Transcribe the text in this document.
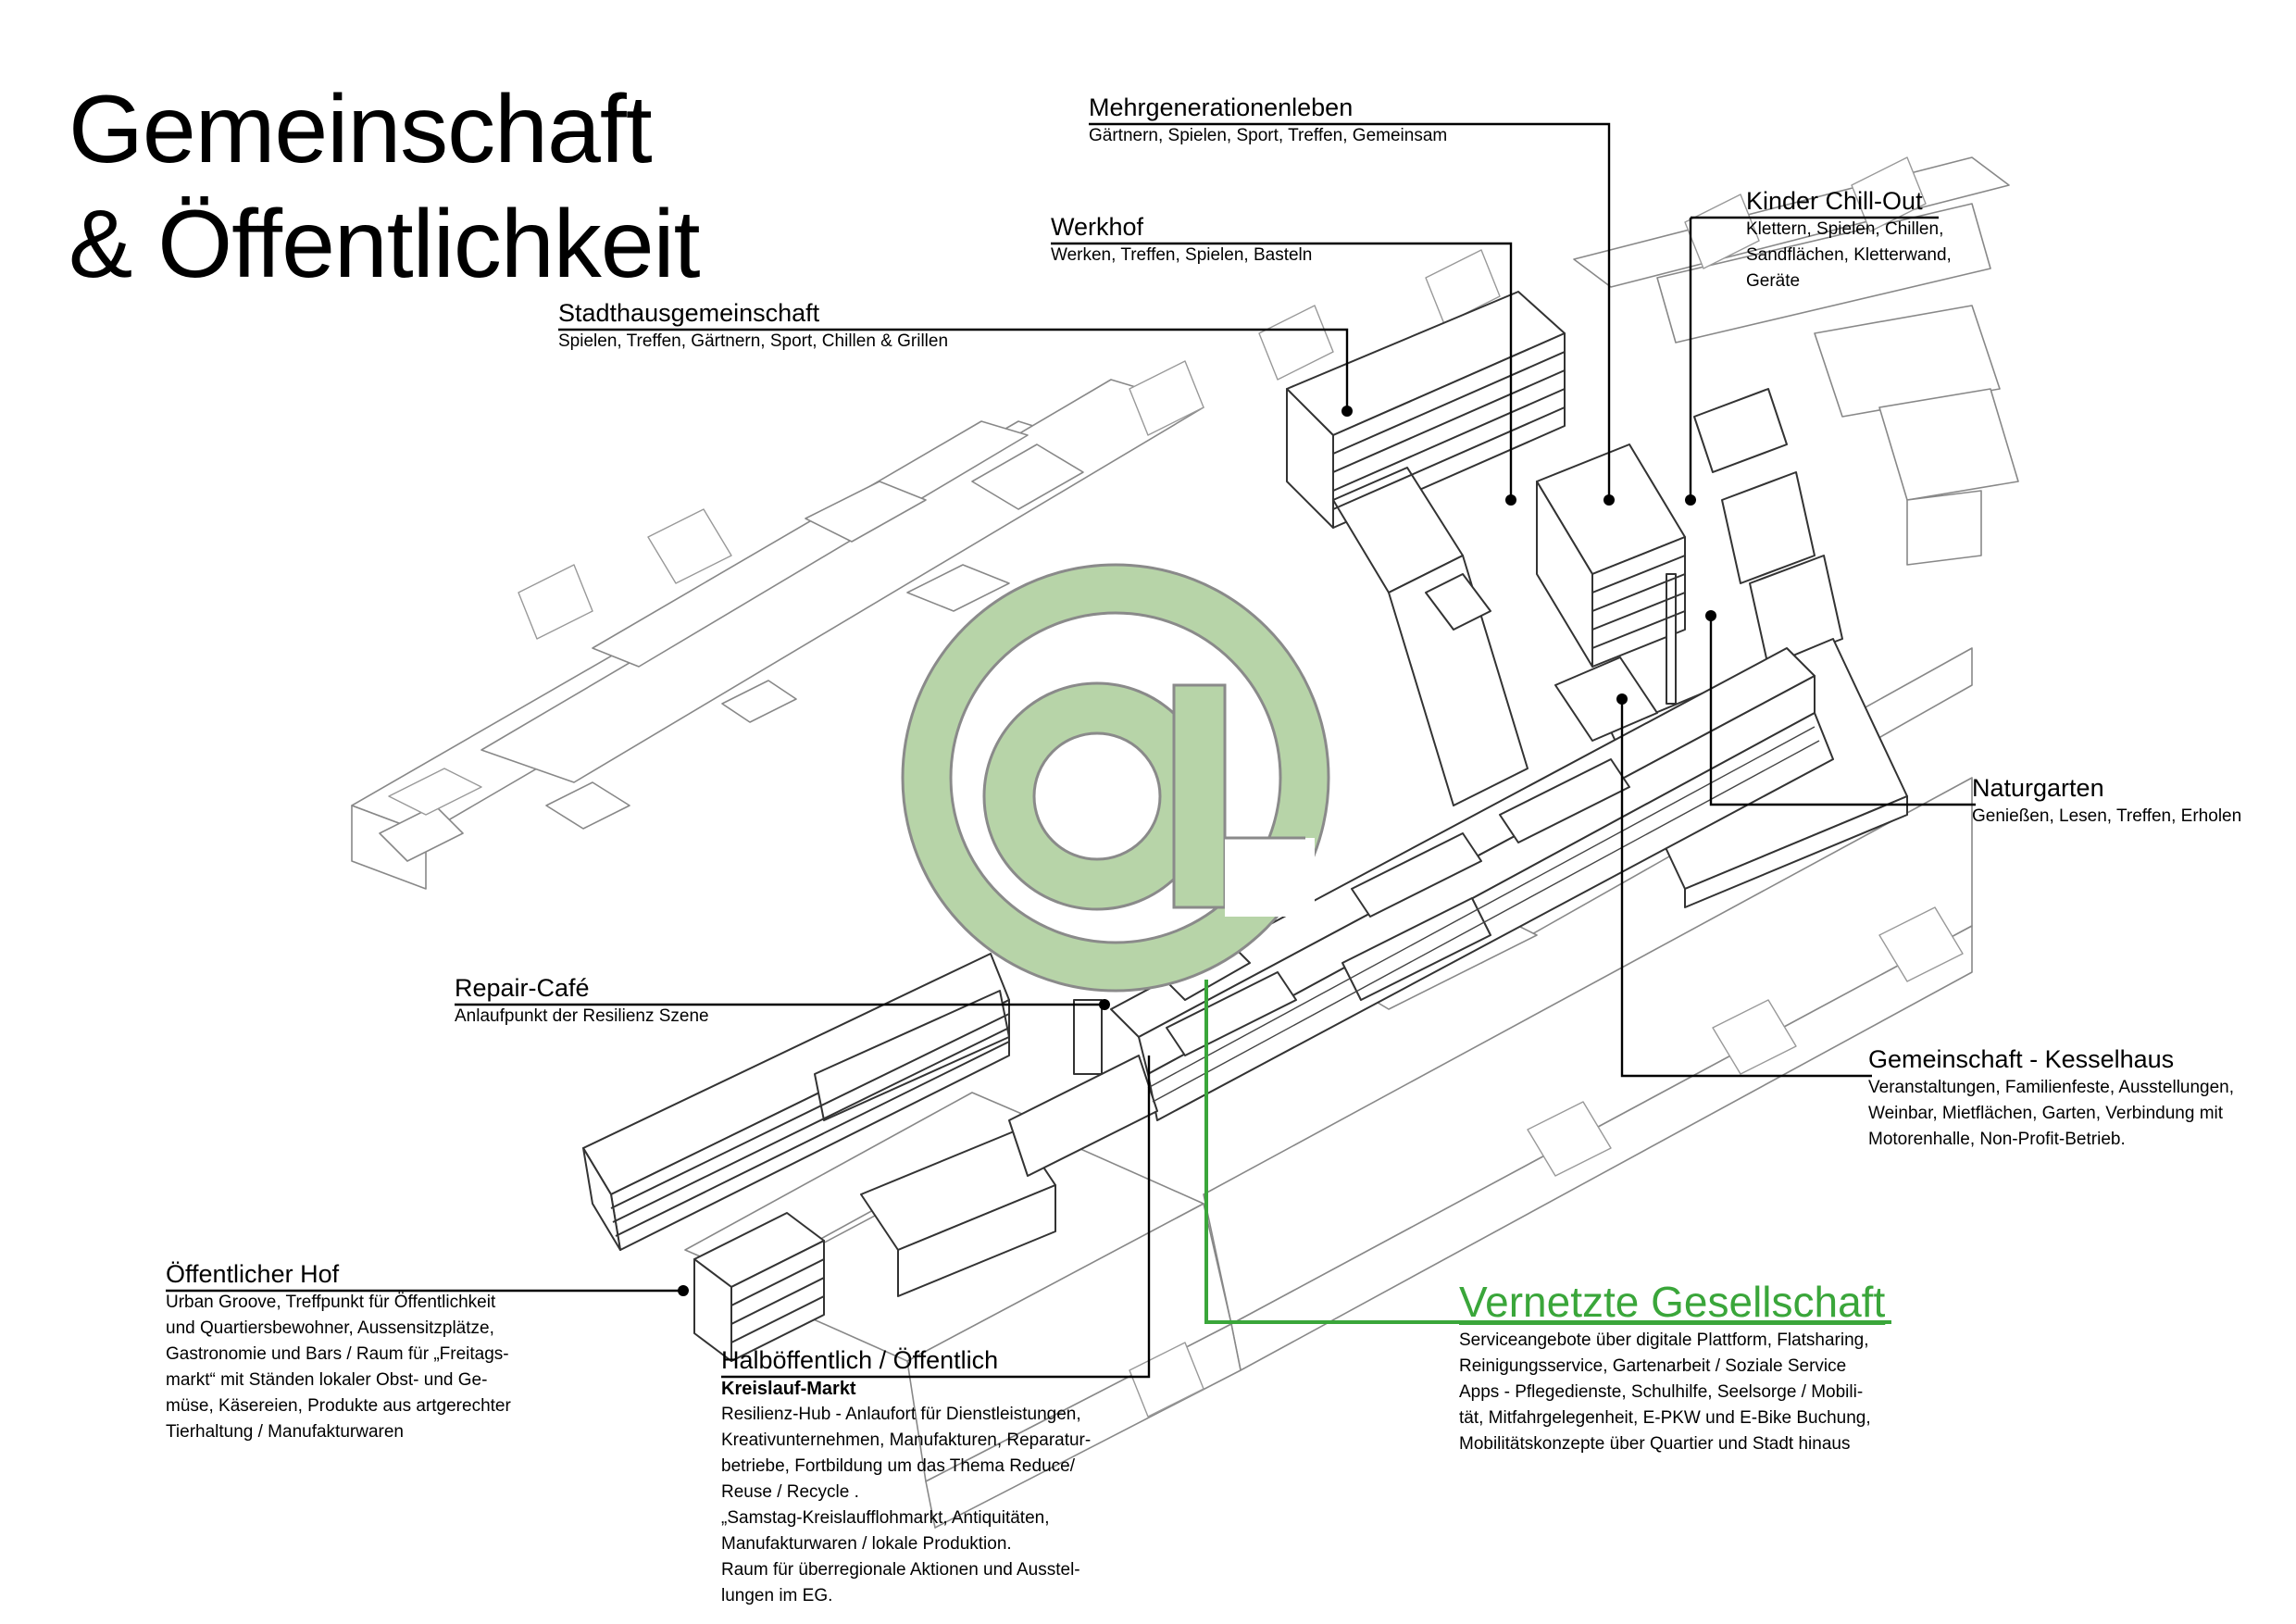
Gemeinschaft
& Öffentlichkeit
Mehrgenerationenleben
Gärtnern, Spielen, Sport, Treffen, Gemeinsam
Werkhof
Werken, Treffen, Spielen, Basteln
Stadthausgemeinschaft
Spielen, Treffen, Gärtnern, Sport, Chillen & Grillen
Kinder Chill-Out
Klettern, Spielen, Chillen,
Sandflächen, Kletterwand,
Geräte
Naturgarten
Genießen, Lesen, Treffen, Erholen
Repair-Café
Anlaufpunkt der Resilienz Szene
Gemeinschaft - Kesselhaus
Veranstaltungen, Familienfeste, Ausstellungen,
Weinbar, Mietflächen, Garten, Verbindung mit
Motorenhalle, Non-Profit-Betrieb.
Öffentlicher Hof
Urban Groove, Treffpunkt für Öffentlichkeit
und Quartiersbewohner, Aussensitzplätze,
Gastronomie und Bars / Raum für „Freitags-
markt“ mit Ständen lokaler Obst- und Ge-
müse, Käsereien, Produkte aus artgerechter
Tierhaltung / Manufakturwaren
Halböffentlich / Öffentlich
Kreislauf-Markt
Resilienz-Hub - Anlaufort für Dienstleistungen,
Kreativunternehmen, Manufakturen, Reparatur-
betriebe, Fortbildung um das Thema Reduce/
Reuse / Recycle .
„Samstag-Kreislaufflohmarkt, Antiquitäten,
Manufakturwaren / lokale Produktion.
Raum für überregionale Aktionen und Ausstel-
lungen im EG.
Vernetzte Gesellschaft
Serviceangebote über digitale Plattform, Flatsharing,
Reinigungsservice, Gartenarbeit / Soziale Service
Apps - Pflegedienste, Schulhilfe, Seelsorge / Mobili-
tät, Mitfahrgelegenheit, E-PKW und E-Bike Buchung,
Mobilitätskonzepte über Quartier und Stadt hinaus
